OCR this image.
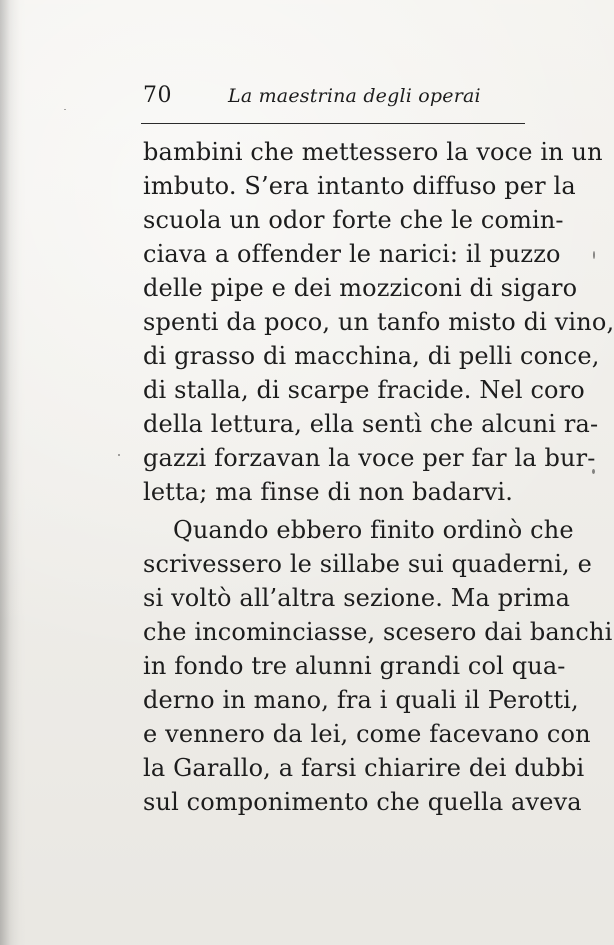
70	La maestrina degli operai
bambini che mettessero la voce in un
imbuto. S’era intanto diffuso per la
scuola un odor forte che le comin-
ciava a offender le narici: il puzzo
delle pipe e dei mozziconi di sigaro
spenti da poco, un tanfo misto di vino,
di grasso di macchina, di pelli conce,
di stalla, di scarpe fracide. Nel coro
della lettura, ella sentì che alcuni ra-
gazzi forzavan la voce per far la bur-
letta; ma finse di non badarvi.
Quando ebbero finito ordinò che
scrivessero le sillabe sui quaderni, e
si voltò all’altra sezione. Ma prima
che incominciasse, scesero dai banchi
in fondo tre alunni grandi col qua-
derno in mano, fra i quali il Perotti,
e vennero da lei, come facevano con
la Garallo, a farsi chiarire dei dubbi
sul componimento che quella aveva
